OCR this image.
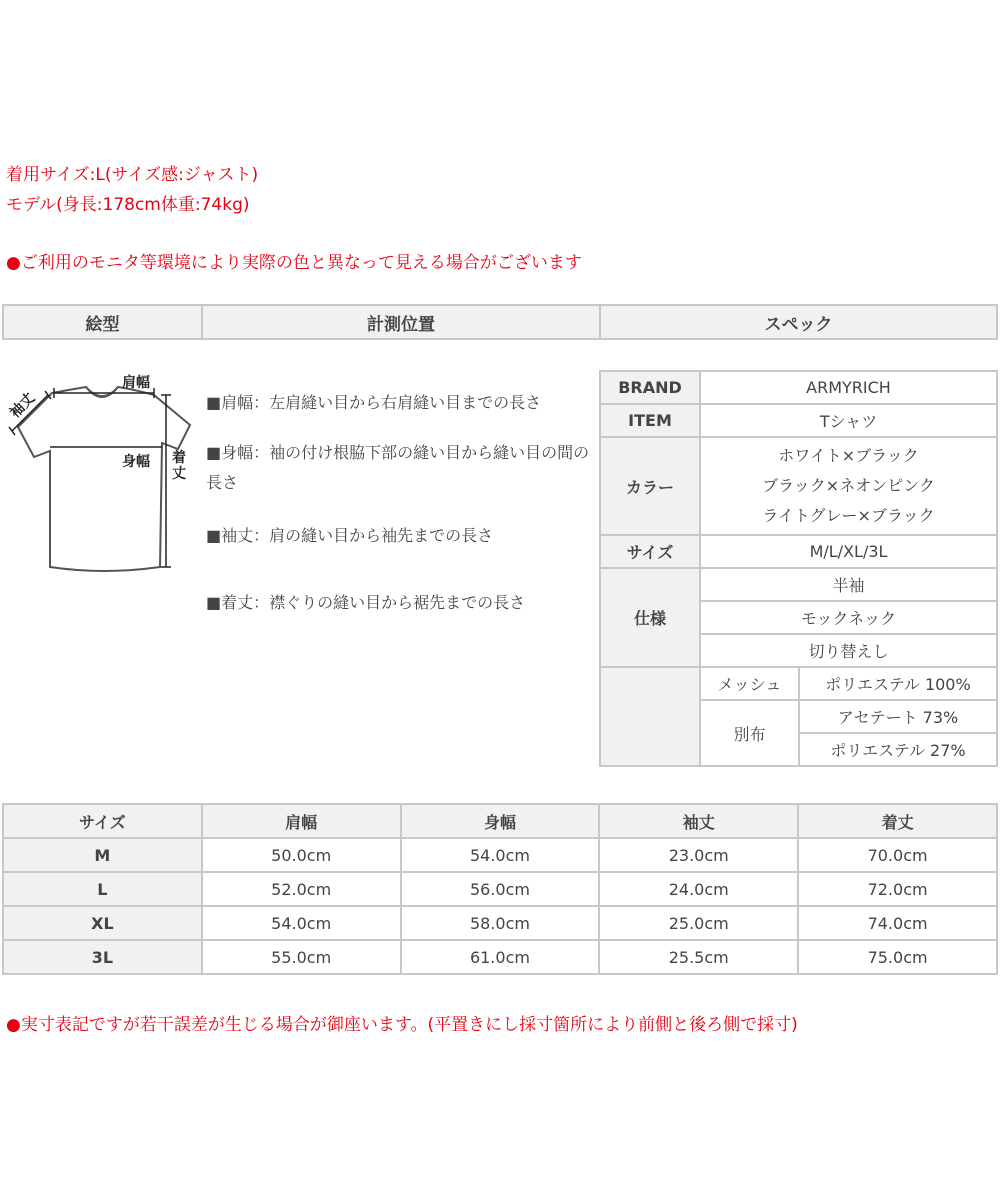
着用サイズ:L(サイズ感:ジャスト)
モデル(身長:178cm体重:74kg)
●ご利用のモニタ等環境により実際の色と異なって見える場合がございます
絵型	計測位置	スペック
肩幅
身幅
袖丈
着
丈
■肩幅：左肩縫い目から右肩縫い目までの長さ
■身幅：袖の付け根脇下部の縫い目から縫い目の間の長さ
■袖丈：肩の縫い目から袖先までの長さ
■着丈：襟ぐりの縫い目から裾先までの長さ
BRAND	ARMYRICH	
ITEM	Tシャツ	
カラー	ホワイト×ブラック
ブラック×ネオンピンク
ライトグレー×ブラック	

サイズ	M/L/XL/3L	
仕様	半袖	
	モックネック	
	切り替えし	
	メッシュ	ポリエステル 100%
	別布	アセテート 73%
		ポリエステル 27%
サイズ	肩幅	身幅	袖丈	着丈
M	50.0cm	54.0cm	23.0cm	70.0cm
L	52.0cm	56.0cm	24.0cm	72.0cm
XL	54.0cm	58.0cm	25.0cm	74.0cm
3L	55.0cm	61.0cm	25.5cm	75.0cm
●実寸表記ですが若干誤差が生じる場合が御座います。(平置きにし採寸箇所により前側と後ろ側で採寸)
